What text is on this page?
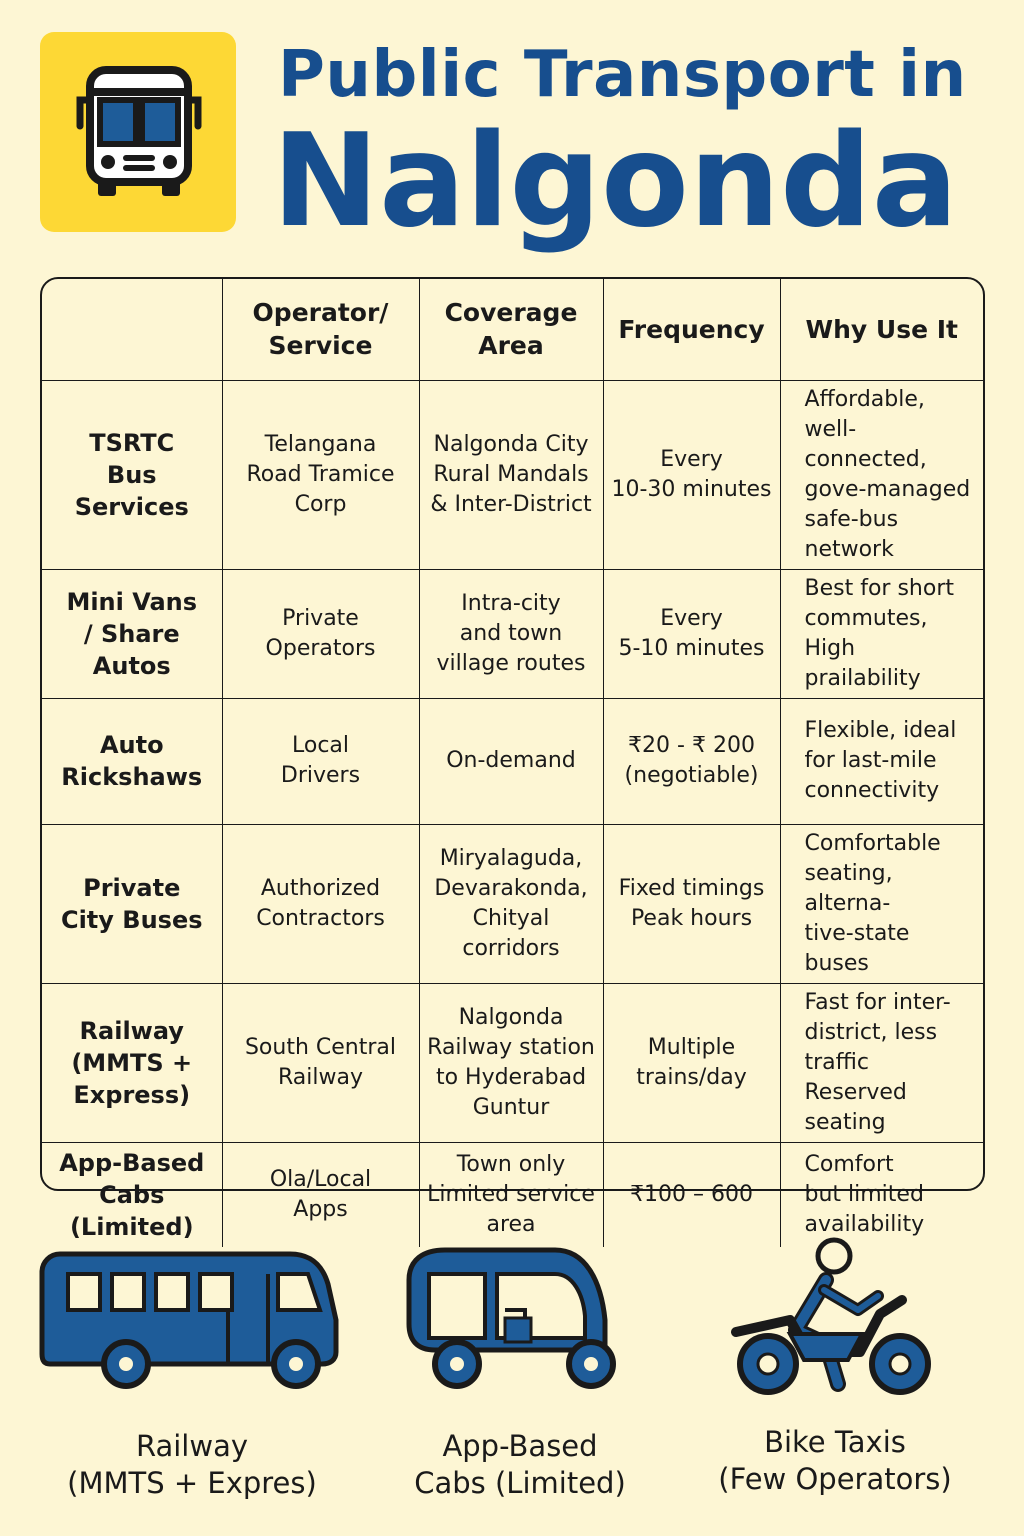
Public Transport in
Nalgonda
	Operator/
Service	Coverage
Area	Frequency	Why Use It
TSRTC
Bus Services	Telangana
Road Tramice
Corp	Nalgonda City
Rural Mandals
& Inter-District	Every
10-30 minutes	Affordable,
well-connected,
gove-managed
safe-bus network
Mini Vans
/ Share Autos	Private
Operators	Intra-city
and town
village routes	Every
5-10 minutes	Best for short
commutes,
High prailability
Auto
Rickshaws	Local
Drivers	On-demand	₹20 - ₹ 200
(negotiable)	Flexible, ideal
for last-mile
connectivity
Private
City Buses	Authorized
Contractors	Miryalaguda,
Devarakonda,
Chityal corridors	Fixed timings
Peak hours	Comfortable
seating, alterna-
tive-state buses
Railway
(MMTS +
Express)	South Central
Railway	Nalgonda
Railway station
to Hyderabad
Guntur	Multiple
trains/day	Fast for inter-
district, less
traffic
Reserved seating
App-Based
Cabs
(Limited)	Ola/Local
Apps	Town only
Limited service
area	₹100 – 600	Comfort
but limited
availability
Railway
(MMTS + Expres)
App-Based
Cabs (Limited)
Bike Taxis
(Few Operators)
